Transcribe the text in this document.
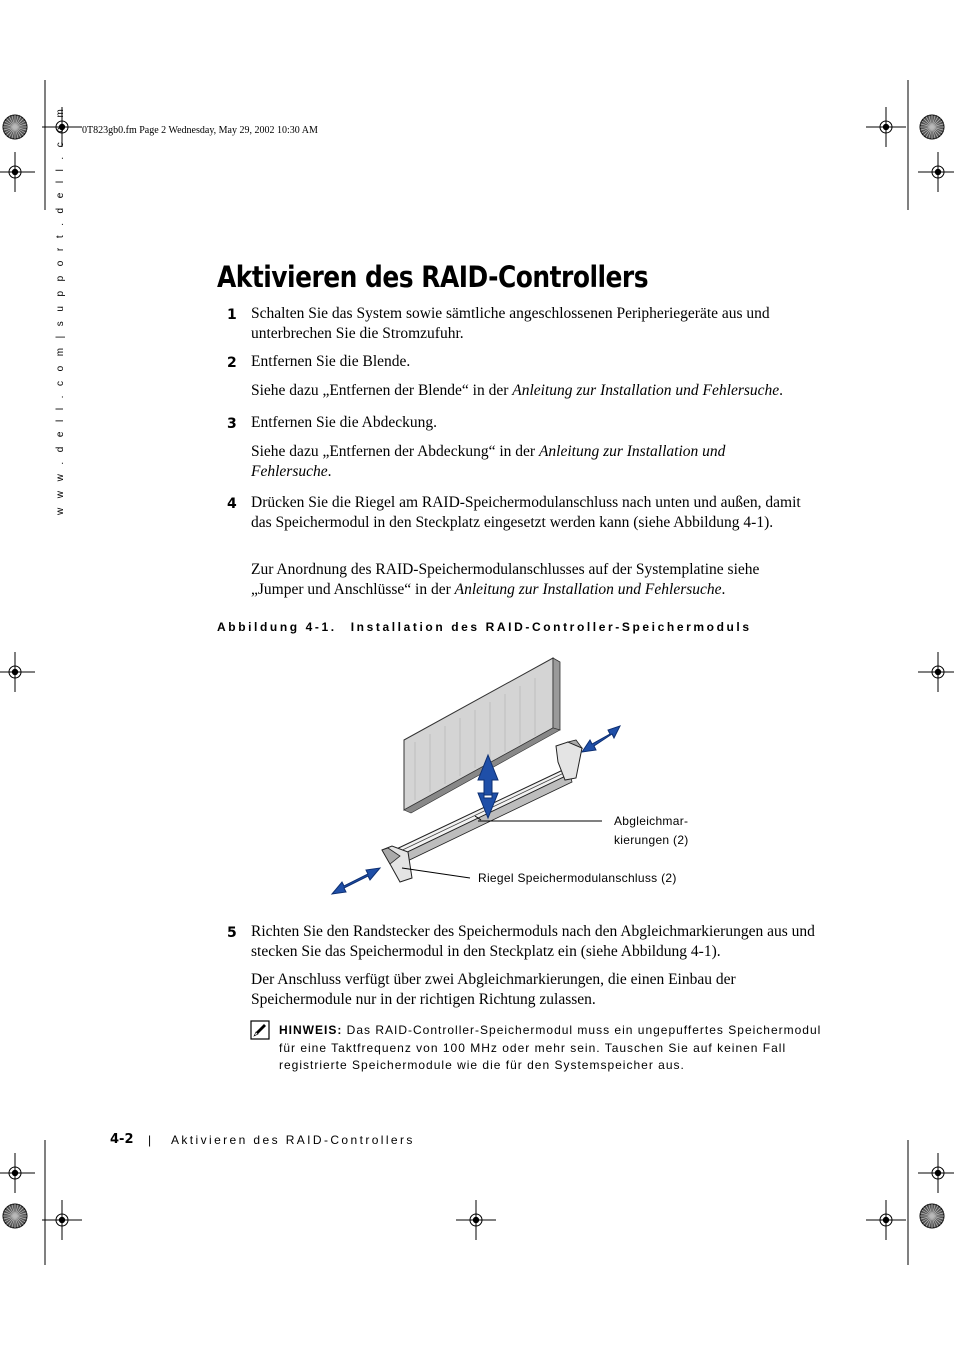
0T823gb0.fm Page 2 Wednesday, May 29, 2002 10:30 AM
w w w . d e l l . c o m | s u p p o r t . d e l l . c o m	Aktivieren des RAID-Controllers
1 Schalten Sie das System sowie sämtliche angeschlossenen Peripheriegeräte aus und unterbrechen Sie die Stromzufuhr.
2 Entfernen Sie die Blende.
Siehe dazu „Entfernen der Blende“ in der Anleitung zur Installation und Fehlersuche.
3 Entfernen Sie die Abdeckung.
Siehe dazu „Entfernen der Abdeckung“ in der Anleitung zur Installation und Fehlersuche.
4 Drücken Sie die Riegel am RAID-Speichermodulanschluss nach unten und außen, damit das Speichermodul in den Steckplatz eingesetzt werden kann (siehe Abbildung 4-1).
Zur Anordnung des RAID-Speichermodulanschlusses auf der Systemplatine siehe „Jumper und Anschlüsse“ in der Anleitung zur Installation und Fehlersuche.
Abbildung 4-1. Installation des RAID-Controller-Speichermoduls
Abgleichmar-
kierungen (2)
Riegel Speichermodulanschluss (2)
5 Richten Sie den Randstecker des Speichermoduls nach den Abgleichmarkierungen aus und stecken Sie das Speichermodul in den Steckplatz ein (siehe Abbildung 4-1).
Der Anschluss verfügt über zwei Abgleichmarkierungen, die einen Einbau der Speichermodule nur in der richtigen Richtung zulassen.
HINWEIS: Das RAID-Controller-Speichermodul muss ein ungepuffertes Speichermodul für eine Taktfrequenz von 100 MHz oder mehr sein. Tauschen Sie auf keinen Fall registrierte Speichermodule wie die für den Systemspeicher aus.
4-2 | Aktivieren des RAID-Controllers
